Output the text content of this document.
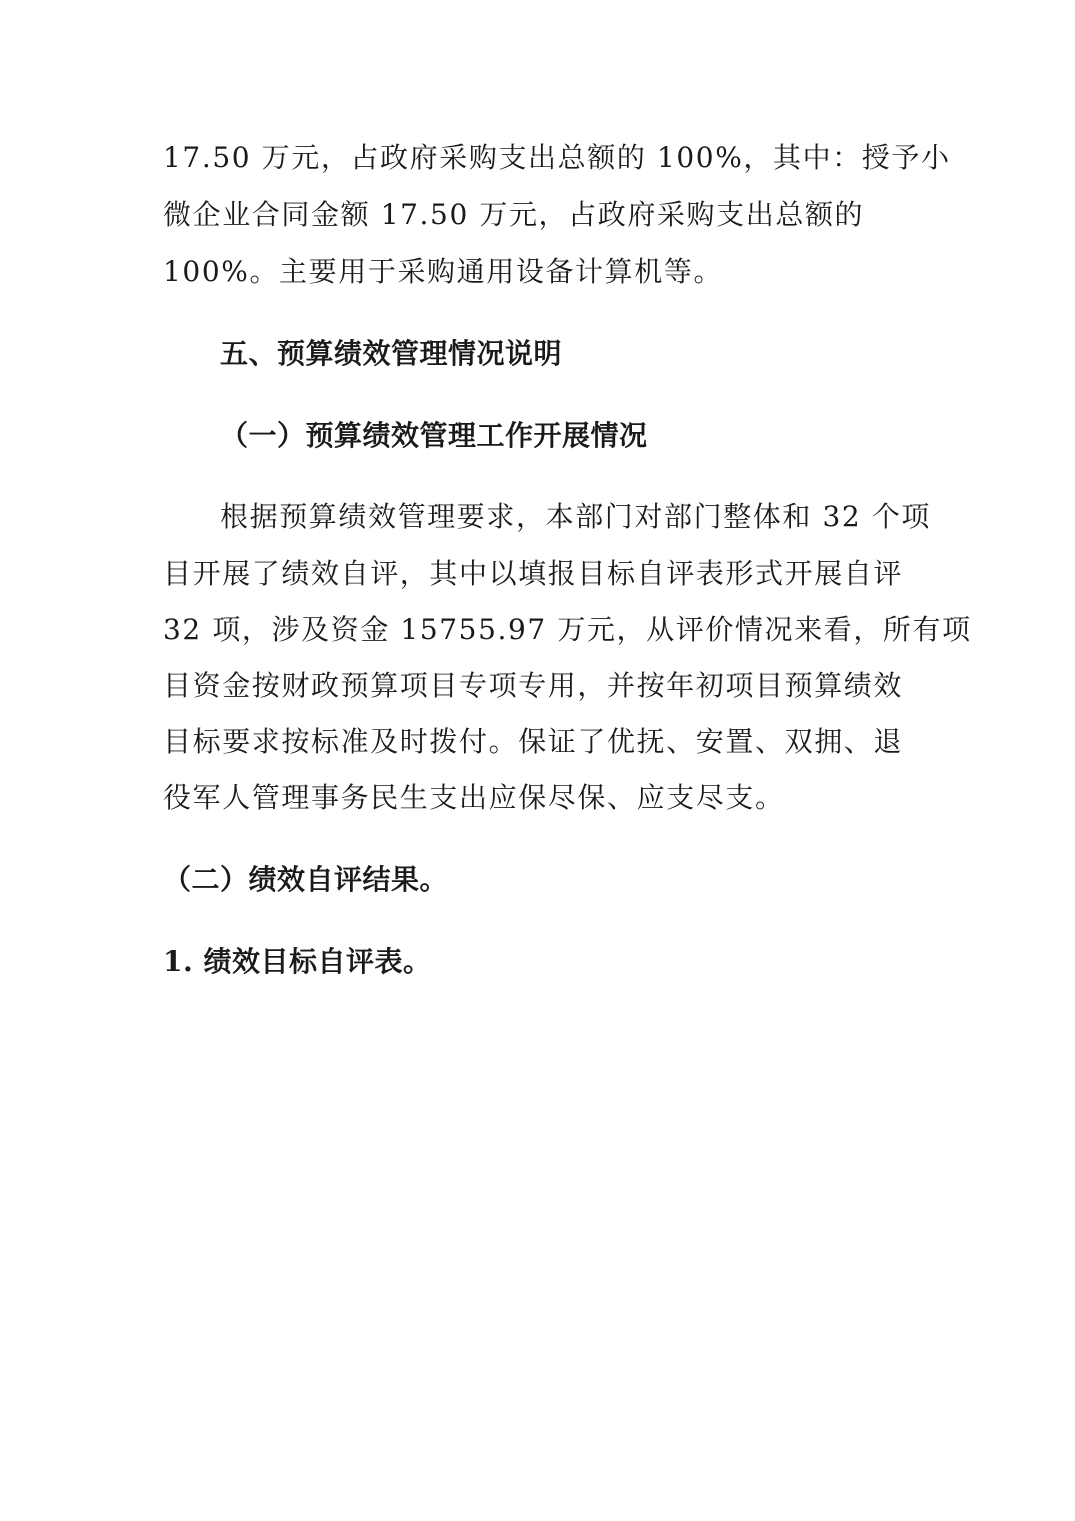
17.50 万元，占政府采购支出总额的 100%，其中：授予小
微企业合同金额 17.50 万元，占政府采购支出总额的
100%。主要用于采购通用设备计算机等。
五、预算绩效管理情况说明
（一）预算绩效管理工作开展情况
根据预算绩效管理要求，本部门对部门整体和 32 个项
目开展了绩效自评，其中以填报目标自评表形式开展自评
32 项，涉及资金 15755.97 万元，从评价情况来看，所有项
目资金按财政预算项目专项专用，并按年初项目预算绩效
目标要求按标准及时拨付。保证了优抚、安置、双拥、退
役军人管理事务民生支出应保尽保、应支尽支。
（二）绩效自评结果。
1. 绩效目标自评表。
